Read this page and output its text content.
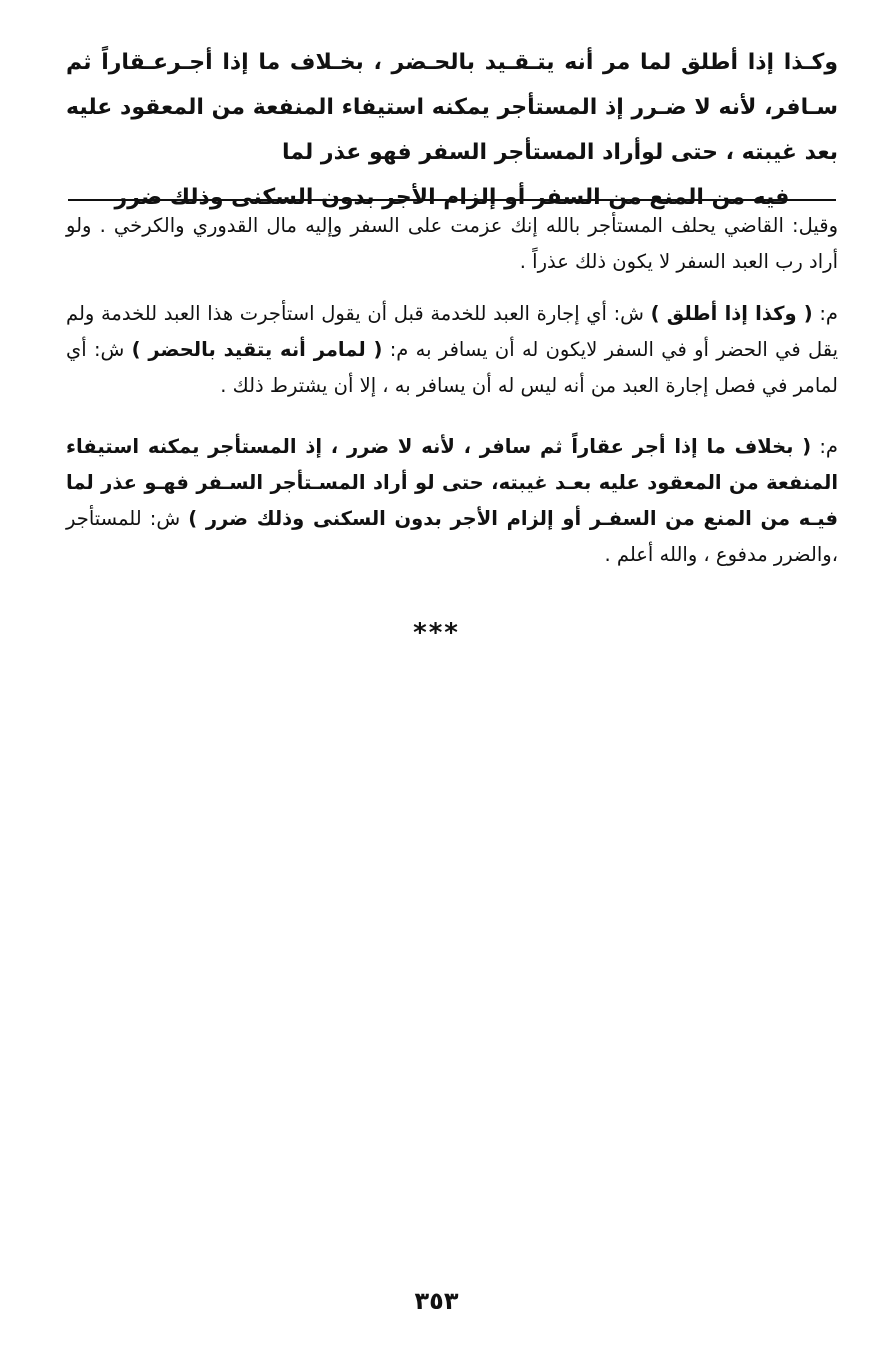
وكـذا إذا أطلق لما مر أنه يتـقـيد بالحـضر ، بخـلاف ما إذا أجـرعـقاراً ثم سـافر، لأنه لا ضـرر إذ المستأجر يمكنه استيفاء المنفعة من المعقود عليه بعد غيبته ، حتى لوأراد المستأجر السفر فهو عذر لما
فيه من المنع من السفر أو إلزام الأجر بدون السكنى وذلك ضرر
وقيل: القاضي يحلف المستأجر بالله إنك عزمت على السفر وإليه مال القدوري والكرخي . ولو أراد رب العبد السفر لا يكون ذلك عذراً .
م: ( وكذا إذا أطلق ) ش: أي إجارة العبد للخدمة قبل أن يقول استأجرت هذا العبد للخدمة ولم يقل في الحضر أو في السفر لايكون له أن يسافر به م: ( لمامر أنه يتقيد بالحضر ) ش: أي لمامر في فصل إجارة العبد من أنه ليس له أن يسافر به ، إلا أن يشترط ذلك .
م: ( بخلاف ما إذا أجر عقاراً ثم سافر ، لأنه لا ضرر ، إذ المستأجر يمكنه استيفاء المنفعة من المعقود عليه بعـد غيبته، حتى لو أراد المسـتأجر السـفر فهـو عذر لما فيـه من المنع من السفـر أو إلزام الأجر بدون السكنى وذلك ضرر ) ش: للمستأجر ،والضرر مدفوع ، والله أعلم .
***
٣٥٣
